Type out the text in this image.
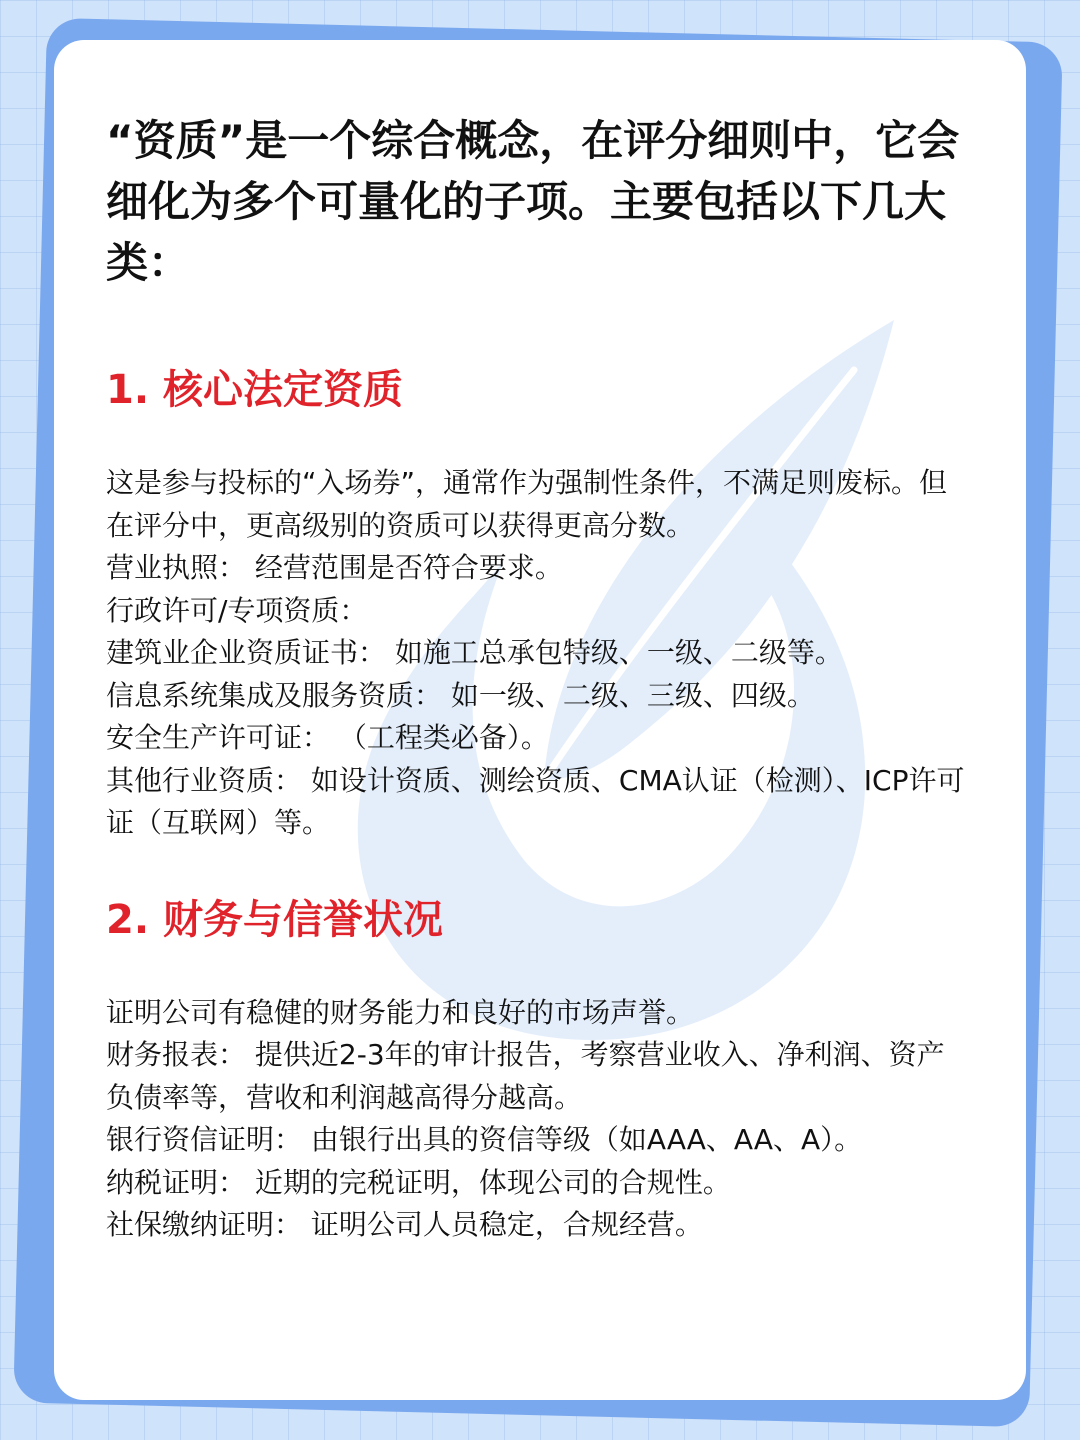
“资质”是一个综合概念，在评分细则中，它会细化为多个可量化的子项。主要包括以下几大类：

1. 核心法定资质

这是参与投标的“入场券”，通常作为强制性条件，不满足则废标。但在评分中，更高级别的资质可以获得更高分数。

营业执照： 经营范围是否符合要求。

行政许可/专项资质：

建筑业企业资质证书： 如施工总承包特级、一级、二级等。

信息系统集成及服务资质： 如一级、二级、三级、四级。

安全生产许可证： （工程类必备）。

其他行业资质： 如设计资质、测绘资质、CMA认证（检测）、ICP许可证（互联网）等。

2. 财务与信誉状况

证明公司有稳健的财务能力和良好的市场声誉。

财务报表： 提供近2-3年的审计报告，考察营业收入、净利润、资产负债率等，营收和利润越高得分越高。

银行资信证明： 由银行出具的资信等级（如AAA、AA、A）。

纳税证明： 近期的完税证明，体现公司的合规性。

社保缴纳证明： 证明公司人员稳定，合规经营。
